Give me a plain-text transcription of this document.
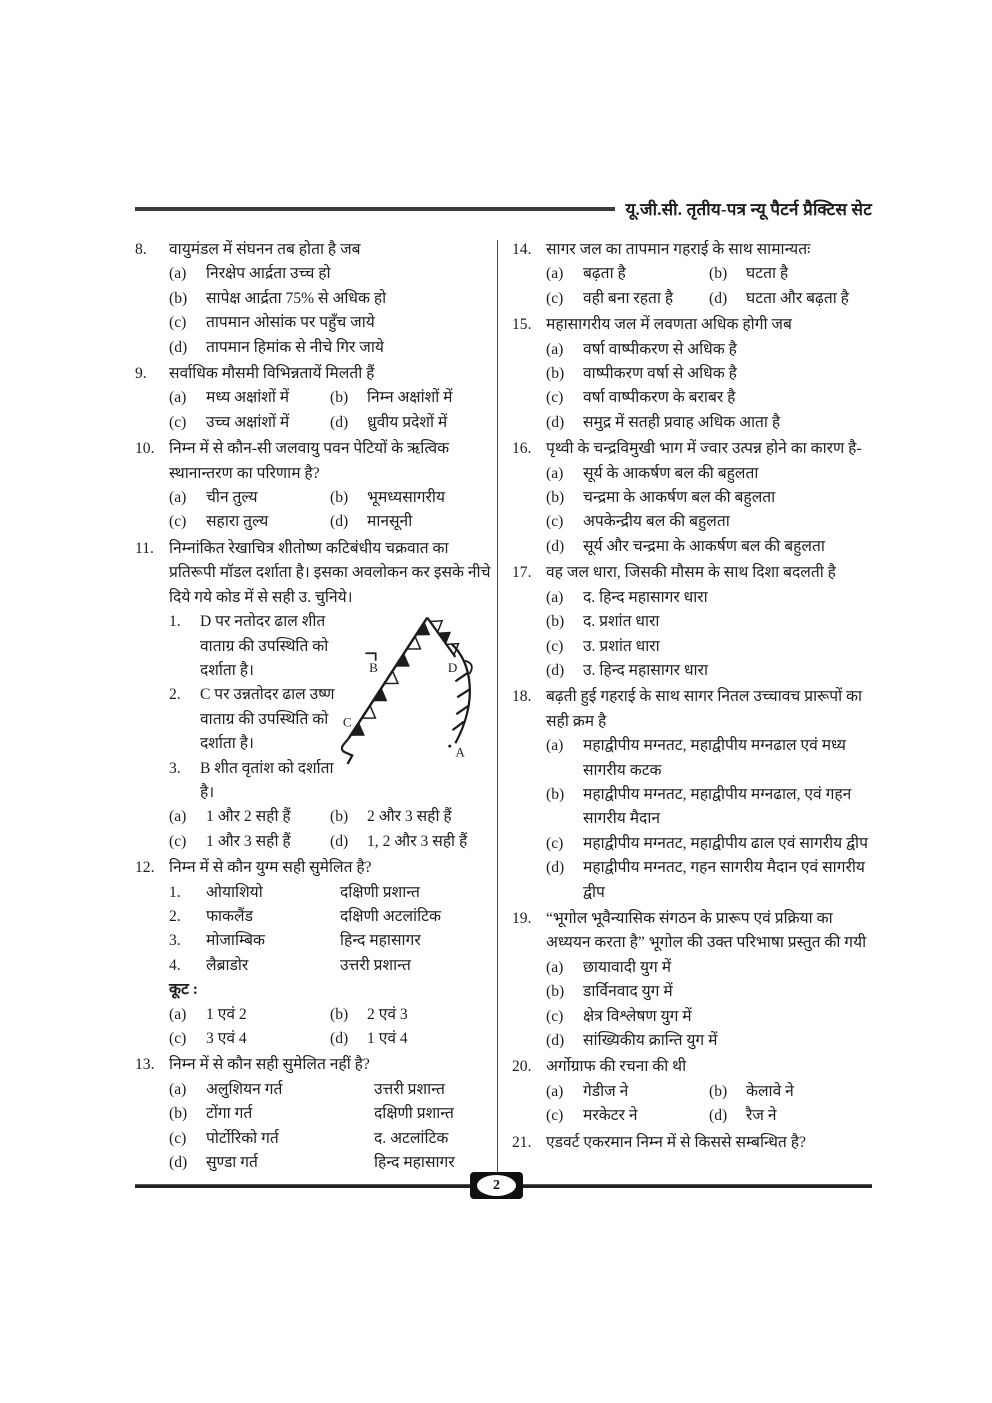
यू.जी.सी. तृतीय-पत्र न्यू पैटर्न प्रैक्टिस सेट
8.	वायुमंडल में संघनन तब होता है जब
(a)	निरक्षेप आर्द्रता उच्च हो
(b)	सापेक्ष आर्द्रता 75% से अधिक हो
(c)	तापमान ओसांक पर पहुँच जाये
(d)	तापमान हिमांक से नीचे गिर जाये
9.	सर्वाधिक मौसमी विभिन्नतायें मिलती हैं
(a)	मध्य अक्षांशों में	(b)	निम्न अक्षांशों में
(c)	उच्च अक्षांशों में	(d)	ध्रुवीय प्रदेशों में
10. निम्न में से कौन-सी जलवायु पवन पेटियों के ऋत्विक स्थानान्तरण का परिणाम है?
(a)	चीन तुल्य	(b)	भूमध्यसागरीय
(c)	सहारा तुल्य	(d)	मानसूनी
11. निम्नांकित रेखाचित्र शीतोष्ण कटिबंधीय चक्रवात का प्रतिरूपी मॉडल दर्शाता है। इसका अवलोकन कर इसके नीचे दिये गये कोड में से सही उ. चुनिये।
B
C
D
A
1.	D पर नतोदर ढाल शीत वाताग्र की उपस्थिति को दर्शाता है।
2.	C पर उन्नतोदर ढाल उष्ण वाताग्र की उपस्थिति को दर्शाता है।
3.	B शीत वृतांश को दर्शाता है।
(a)	1 और 2 सही हैं	(b)	2 और 3 सही हैं
(c)	1 और 3 सही हैं	(d)	1, 2 और 3 सही हैं
12. निम्न में से कौन युग्म सही सुमेलित है?
1.	ओयाशियो	दक्षिणी प्रशान्त
2.	फाकलैंड	दक्षिणी अटलांटिक
3.	मोजाम्बिक	हिन्द महासागर
4.	लैब्राडोर	उत्तरी प्रशान्त
कूट :
(a)	1 एवं 2	(b)	2 एवं 3
(c)	3 एवं 4	(d)	1 एवं 4
13. निम्न में से कौन सही सुमेलित नहीं है?
(a)	अलुशियन गर्त	उत्तरी प्रशान्त
(b)	टोंगा गर्त	दक्षिणी प्रशान्त
(c)	पोर्टोरिको गर्त	द. अटलांटिक
(d)	सुण्डा गर्त	हिन्द महासागर
14. सागर जल का तापमान गहराई के साथ सामान्यतः
(a)	बढ़ता है	(b)	घटता है
(c)	वही बना रहता है	(d)	घटता और बढ़ता है
15. महासागरीय जल में लवणता अधिक होगी जब
(a)	वर्षा वाष्पीकरण से अधिक है
(b)	वाष्पीकरण वर्षा से अधिक है
(c)	वर्षा वाष्पीकरण के बराबर है
(d)	समुद्र में सतही प्रवाह अधिक आता है
16. पृथ्वी के चन्द्रविमुखी भाग में ज्वार उत्पन्न होने का कारण है-
(a)	सूर्य के आकर्षण बल की बहुलता
(b)	चन्द्रमा के आकर्षण बल की बहुलता
(c)	अपकेन्द्रीय बल की बहुलता
(d)	सूर्य और चन्द्रमा के आकर्षण बल की बहुलता
17. वह जल धारा, जिसकी मौसम के साथ दिशा बदलती है
(a)	द. हिन्द महासागर धारा
(b)	द. प्रशांत धारा
(c)	उ. प्रशांत धारा
(d)	उ. हिन्द महासागर धारा
18. बढ़ती हुई गहराई के साथ सागर नितल उच्चावच प्रारूपों का सही क्रम है
(a)	महाद्वीपीय मग्नतट, महाद्वीपीय मग्नढाल एवं मध्य सागरीय कटक
(b)	महाद्वीपीय मग्नतट, महाद्वीपीय मग्नढाल, एवं गहन सागरीय मैदान
(c)	महाद्वीपीय मग्नतट, महाद्वीपीय ढाल एवं सागरीय द्वीप
(d)	महाद्वीपीय मग्नतट, गहन सागरीय मैदान एवं सागरीय द्वीप
19. “भूगोल भूवैन्यासिक संगठन के प्रारूप एवं प्रक्रिया का अध्ययन करता है” भूगोल की उक्त परिभाषा प्रस्तुत की गयी
(a)	छायावादी युग में
(b)	डार्विनवाद युग में
(c)	क्षेत्र विश्लेषण युग में
(d)	सांख्यिकीय क्रान्ति युग में
20. अर्गोग्राफ की रचना की थी
(a)	गेडीज ने	(b)	केलावे ने
(c)	मरकेटर ने	(d)	रैज ने
21. एडवर्ट एकरमान निम्न में से किससे सम्बन्धित है?
2
